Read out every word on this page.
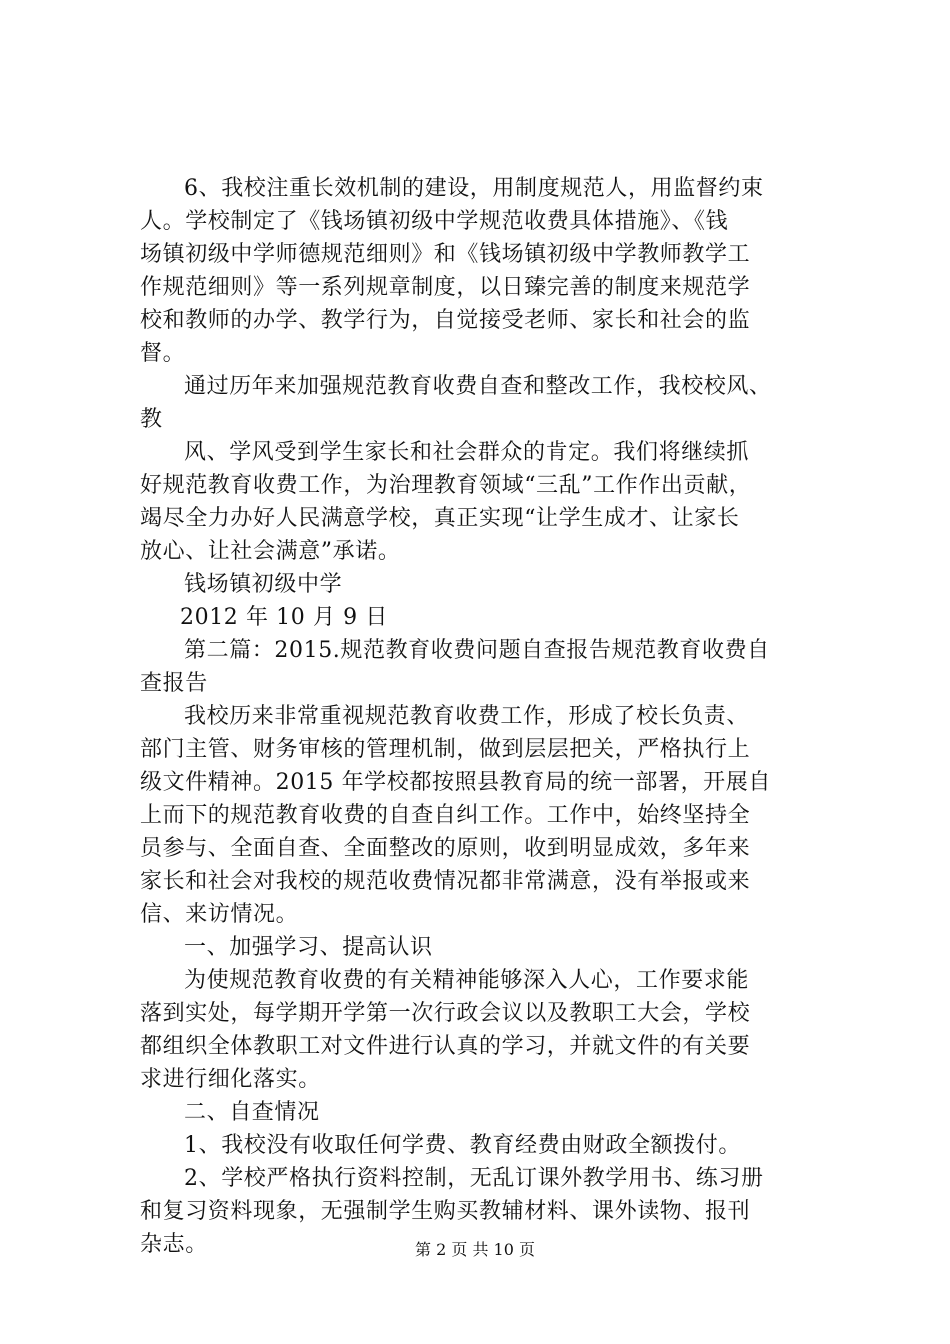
6、我校注重长效机制的建设，用制度规范人，用监督约束
人。学校制定了《钱场镇初级中学规范收费具体措施》、《钱
场镇初级中学师德规范细则》和《钱场镇初级中学教师教学工
作规范细则》等一系列规章制度，以日臻完善的制度来规范学
校和教师的办学、教学行为，自觉接受老师、家长和社会的监
督。
通过历年来加强规范教育收费自查和整改工作，我校校风、
教
风、学风受到学生家长和社会群众的肯定。我们将继续抓
好规范教育收费工作，为治理教育领域“三乱”工作作出贡献，
竭尽全力办好人民满意学校，真正实现“让学生成才、让家长
放心、让社会满意”承诺。
钱场镇初级中学
2012 年 10 月 9 日
第二篇：2015.规范教育收费问题自查报告规范教育收费自
查报告
我校历来非常重视规范教育收费工作，形成了校长负责、
部门主管、财务审核的管理机制，做到层层把关，严格执行上
级文件精神。2015 年学校都按照县教育局的统一部署，开展自
上而下的规范教育收费的自查自纠工作。工作中，始终坚持全
员参与、全面自查、全面整改的原则，收到明显成效，多年来
家长和社会对我校的规范收费情况都非常满意，没有举报或来
信、来访情况。
一、加强学习、提高认识
为使规范教育收费的有关精神能够深入人心，工作要求能
落到实处，每学期开学第一次行政会议以及教职工大会，学校
都组织全体教职工对文件进行认真的学习，并就文件的有关要
求进行细化落实。
二、自查情况
1、我校没有收取任何学费、教育经费由财政全额拨付。
2、学校严格执行资料控制，无乱订课外教学用书、练习册
和复习资料现象，无强制学生购买教辅材料、课外读物、报刊
杂志。	第 2 页 共 10 页
